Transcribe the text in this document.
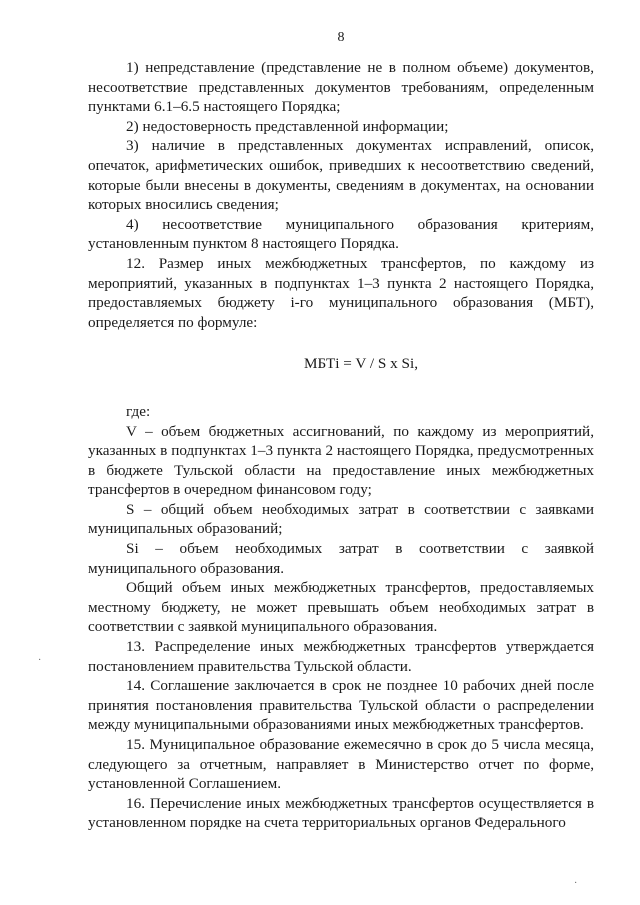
8

1) непредставление (представление не в полном объеме) документов, несоответствие представленных документов требованиям, определенным пунктами 6.1–6.5 настоящего Порядка;

2) недостоверность представленной информации;

3) наличие в представленных документах исправлений, описок, опечаток, арифметических ошибок, приведших к несоответствию сведений, которые были внесены в документы, сведениям в документах, на основании которых вносились сведения;

4) несоответствие муниципального образования критериям, установленным пунктом 8 настоящего Порядка.

12. Размер иных межбюджетных трансфертов, по каждому из мероприятий, указанных в подпунктах 1–3 пункта 2 настоящего Порядка, предоставляемых бюджету i-го муниципального образования (МБТ), определяется по формуле:

МБТi = V / S x Si,

где:

V – объем бюджетных ассигнований, по каждому из мероприятий, указанных в подпунктах 1–3 пункта 2 настоящего Порядка, предусмотренных в бюджете Тульской области на предоставление иных межбюджетных трансфертов в очередном финансовом году;

S – общий объем необходимых затрат в соответствии с заявками муниципальных образований;

Si – объем необходимых затрат в соответствии с заявкой муниципального образования.

Общий объем иных межбюджетных трансфертов, предоставляемых местному бюджету, не может превышать объем необходимых затрат в соответствии с заявкой муниципального образования.

13. Распределение иных межбюджетных трансфертов утверждается постановлением правительства Тульской области.

14. Соглашение заключается в срок не позднее 10 рабочих дней после принятия постановления правительства Тульской области о распределении между муниципальными образованиями иных межбюджетных трансфертов.

15. Муниципальное образование ежемесячно в срок до 5 числа месяца, следующего за отчетным, направляет в Министерство отчет по форме, установленной Соглашением.

16. Перечисление иных межбюджетных трансфертов осуществляется в установленном порядке на счета территориальных органов Федерального

·
·
